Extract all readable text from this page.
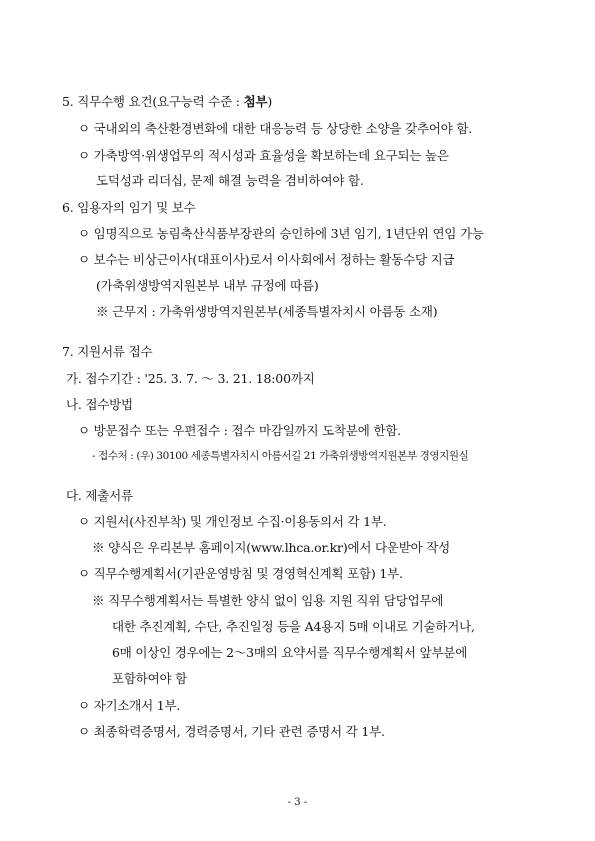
5. 직무수행 요건(요구능력 수준 : 첨부)
ㅇ 국내외의 축산환경변화에 대한 대응능력 등 상당한 소양을 갖추어야 함.
ㅇ 가축방역·위생업무의 적시성과 효율성을 확보하는데 요구되는 높은
도덕성과 리더십, 문제 해결 능력을 겸비하여야 함.
6. 임용자의 임기 및 보수
ㅇ 임명직으로 농림축산식품부장관의 승인하에 3년 임기, 1년단위 연임 가능
ㅇ 보수는 비상근이사(대표이사)로서 이사회에서 정하는 활동수당 지급
(가축위생방역지원본부 내부 규정에 따름)
※ 근무지 : 가축위생방역지원본부(세종특별자치시 아름동 소재)
7. 지원서류 접수
가. 접수기간 : '25. 3. 7. ～ 3. 21. 18:00까지
나. 접수방법
ㅇ 방문접수 또는 우편접수 : 접수 마감일까지 도착분에 한함.
- 접수처 : (우) 30100 세종특별자치시 아름서길 21 가축위생방역지원본부 경영지원실
다. 제출서류
ㅇ 지원서(사진부착) 및 개인정보 수집·이용동의서 각 1부.
※ 양식은 우리본부 홈페이지(www.lhca.or.kr)에서 다운받아 작성
ㅇ 직무수행계획서(기관운영방침 및 경영혁신계획 포함) 1부.
※ 직무수행계획서는 특별한 양식 없이 임용 지원 직위 담당업무에
대한 추진계획, 수단, 추진일정 등을 A4용지 5매 이내로 기술하거나,
6매 이상인 경우에는 2～3매의 요약서를 직무수행계획서 앞부분에
포함하여야 함
ㅇ 자기소개서 1부.
ㅇ 최종학력증명서, 경력증명서, 기타 관련 증명서 각 1부.
- 3 -
